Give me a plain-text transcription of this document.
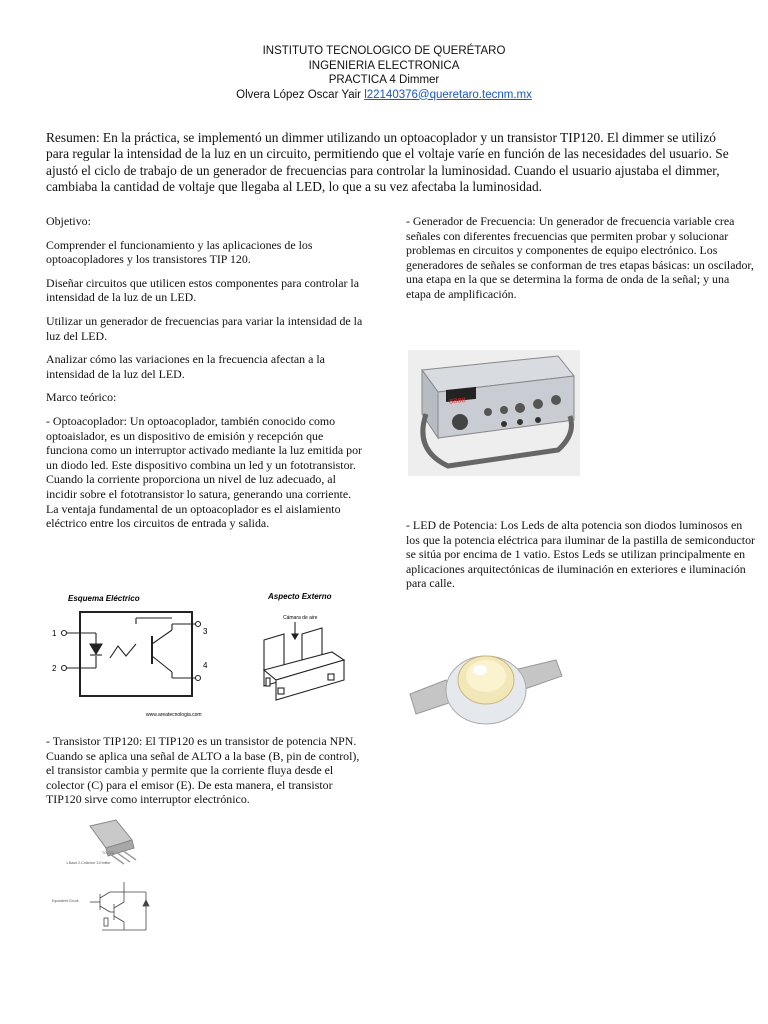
INSTITUTO TECNOLOGICO DE QUERÉTARO
INGENIERIA ELECTRONICA
PRACTICA 4 Dimmer
Olvera López Oscar Yair l22140376@queretaro.tecnm.mx
Resumen: En la práctica, se implementó un dimmer utilizando un optoacoplador y un transistor TIP120. El dimmer se utilizó para regular la intensidad de la luz en un circuito, permitiendo que el voltaje varíe en función de las necesidades del usuario. Se ajustó el ciclo de trabajo de un generador de frecuencias para controlar la luminosidad. Cuando el usuario ajustaba el dimmer, cambiaba la cantidad de voltaje que llegaba al LED, lo que a su vez afectaba la luminosidad.

Objetivo:

Comprender el funcionamiento y las aplicaciones de los optoacopladores y los transistores TIP 120.

Diseñar circuitos que utilicen estos componentes para controlar la intensidad de la luz de un LED.

Utilizar un generador de frecuencias para variar la intensidad de la luz del LED.

Analizar cómo las variaciones en la frecuencia afectan a la intensidad de la luz del LED.

Marco teórico:

- Optoacoplador: Un optoacoplador, también conocido como optoaislador, es un dispositivo de emisión y recepción que funciona como un interruptor activado mediante la luz emitida por un diodo led. Este dispositivo combina un led y un fototransistor. Cuando la corriente proporciona un nivel de luz adecuado, al incidir sobre el fototransistor lo satura, generando una corriente. La ventaja fundamental de un optoacoplador es el aislamiento eléctrico entre los circuitos de entrada y salida.

Esquema Eléctrico	Aspecto Externo
1
2
3
4
www.areatecnologia.com
Cámara de aire

- Transistor TIP120: El TIP120 es un transistor de potencia NPN. Cuando se aplica una señal de ALTO a la base (B, pin de control), el transistor cambia y permite que la corriente fluya desde el colector (C) para el emisor (E). De esta manera, el transistor TIP120 sirve como interruptor electrónico.

TO-220
1.Base 2.Collector 3.Emitter
Equivalent Circuit

- Generador de Frecuencia: Un generador de frecuencia variable crea señales con diferentes frecuencias que permiten probar y solucionar problemas en circuitos y componentes de equipo electrónico. Los generadores de señales se conforman de tres etapas básicas: un oscilador, una etapa en la que se determina la forma de onda de la señal; y una etapa de amplificación.

8888

- LED de Potencia: Los Leds de alta potencia son diodos luminosos en los que la potencia eléctrica para iluminar de la pastilla de semiconductor se sitúa por encima de 1 vatio. Estos Leds se utilizan principalmente en aplicaciones arquitectónicas de iluminación en exteriores e iluminación para calle.
